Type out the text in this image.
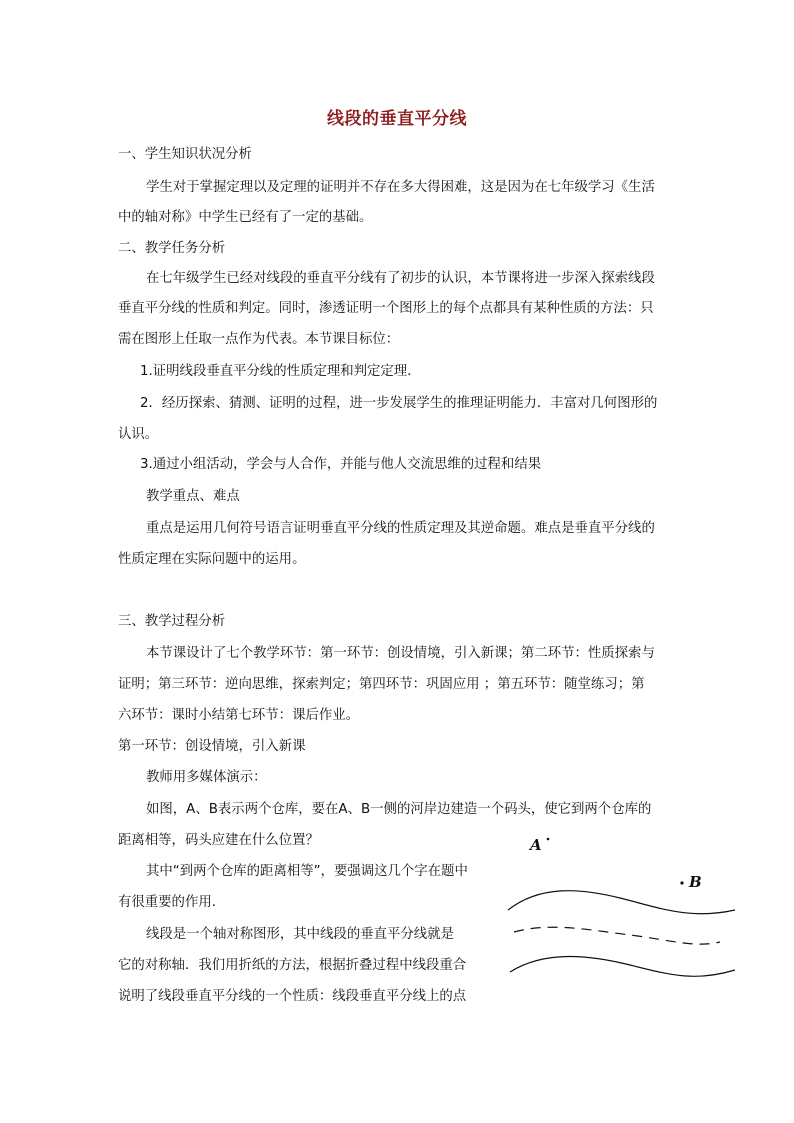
线段的垂直平分线
一、学生知识状况分析
学生对于掌握定理以及定理的证明并不存在多大得困难，这是因为在七年级学习《生活
中的轴对称》中学生已经有了一定的基础。
二、教学任务分析
在七年级学生已经对线段的垂直平分线有了初步的认识，本节课将进一步深入探索线段
垂直平分线的性质和判定。同时，渗透证明一个图形上的每个点都具有某种性质的方法：只
需在图形上任取一点作为代表。本节课目标位：
1.证明线段垂直平分线的性质定理和判定定理．
2．经历探索、猜测、证明的过程，进一步发展学生的推理证明能力．丰富对几何图形的
认识。
3.通过小组活动，学会与人合作，并能与他人交流思维的过程和结果
教学重点、难点
重点是运用几何符号语言证明垂直平分线的性质定理及其逆命题。难点是垂直平分线的
性质定理在实际问题中的运用。
三、教学过程分析
本节课设计了七个教学环节：第一环节：创设情境，引入新课；第二环节：性质探索与
证明；第三环节：逆向思维，探索判定；第四环节：巩固应用 ；第五环节：随堂练习；第
六环节：课时小结第七环节：课后作业。
第一环节：创设情境，引入新课
教师用多媒体演示：
如图，A、B表示两个仓库，要在A、B一侧的河岸边建造一个码头，使它到两个仓库的
距离相等，码头应建在什么位置？
其中“到两个仓库的距离相等”，要强调这几个字在题中
有很重要的作用．
线段是一个轴对称图形，其中线段的垂直平分线就是
它的对称轴．我们用折纸的方法，根据折叠过程中线段重合
说明了线段垂直平分线的一个性质：线段垂直平分线上的点
A
B
